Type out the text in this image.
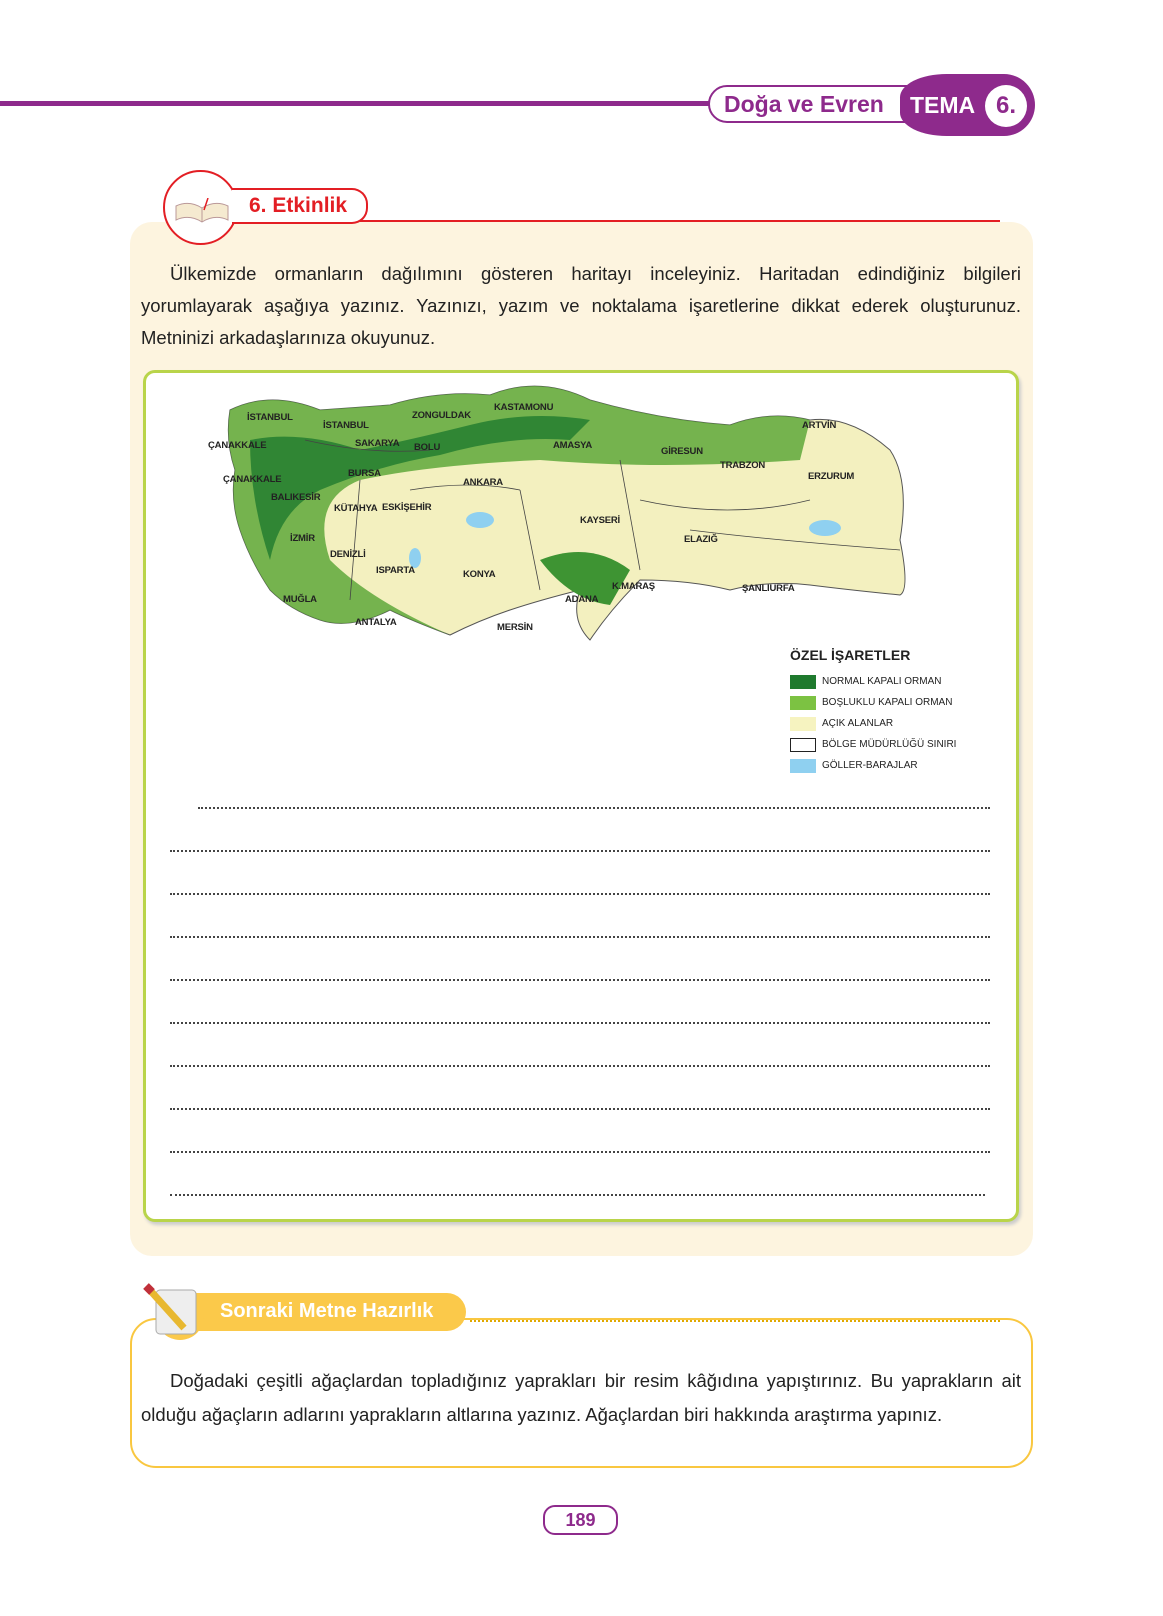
Doğa ve Evren TEMA 6.
6. Etkinlik
Ülkemizde ormanların dağılımını gösteren haritayı inceleyiniz. Haritadan edindiğiniz bilgileri yorumlayarak aşağıya yazınız. Yazınızı, yazım ve noktalama işaretlerine dikkat ederek oluşturunuz. Metninizi arkadaşlarınıza okuyunuz.
İSTANBUL
İSTANBUL
ZONGULDAK
KASTAMONU
ARTVİN
ÇANAKKALE	SAKARYA BOLU	AMASYA
GİRESUN
TRABZON
ERZURUM
ÇANAKKALE
BURSA
ANKARA
BALIKESİR
KÜTAHYA ESKİŞEHİR
KAYSERİ
İZMİR	ELAZIĞ
DENİZLİ
ISPARTA	KONYA
K.MARAŞ	ŞANLIURFA
MUĞLA	ADANA
ANTALYA	MERSİN
ÖZEL İŞARETLER
NORMAL KAPALI ORMAN
BOŞLUKLU KAPALI ORMAN
AÇIK ALANLAR
BÖLGE MÜDÜRLÜĞÜ SINIRI
GÖLLER-BARAJLAR
Sonraki Metne Hazırlık
Doğadaki çeşitli ağaçlardan topladığınız yaprakları bir resim kâğıdına yapıştırınız. Bu yaprakların ait olduğu ağaçların adlarını yaprakların altlarına yazınız. Ağaçlardan biri hakkında araştırma yapınız.
189
